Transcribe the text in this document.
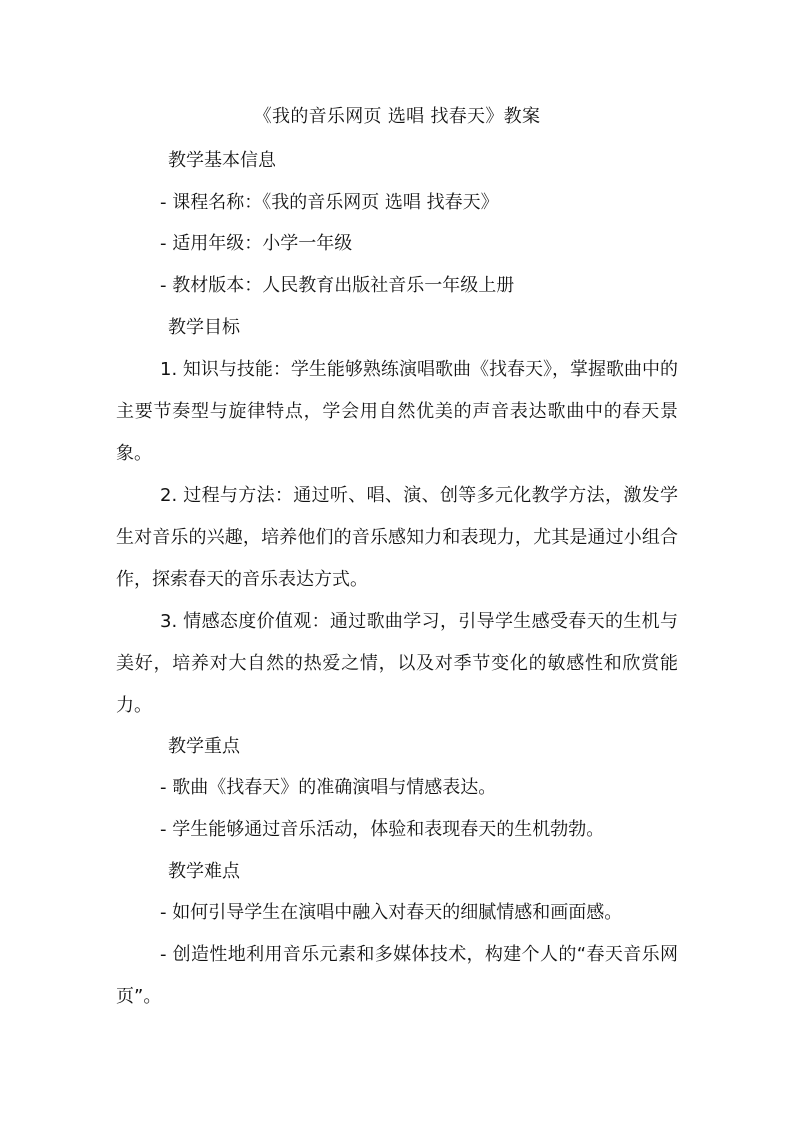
《我的音乐网页 选唱 找春天》教案
教学基本信息
- 课程名称：《我的音乐网页 选唱 找春天》
- 适用年级：小学一年级
- 教材版本：人民教育出版社音乐一年级上册
教学目标
1. 知识与技能：学生能够熟练演唱歌曲《找春天》，掌握歌曲中的主要节奏型与旋律特点，学会用自然优美的声音表达歌曲中的春天景象。
2. 过程与方法：通过听、唱、演、创等多元化教学方法，激发学生对音乐的兴趣，培养他们的音乐感知力和表现力，尤其是通过小组合作，探索春天的音乐表达方式。
3. 情感态度价值观：通过歌曲学习，引导学生感受春天的生机与美好，培养对大自然的热爱之情，以及对季节变化的敏感性和欣赏能力。
教学重点
- 歌曲《找春天》的准确演唱与情感表达。
- 学生能够通过音乐活动，体验和表现春天的生机勃勃。
教学难点
- 如何引导学生在演唱中融入对春天的细腻情感和画面感。
- 创造性地利用音乐元素和多媒体技术，构建个人的“春天音乐网页”。
